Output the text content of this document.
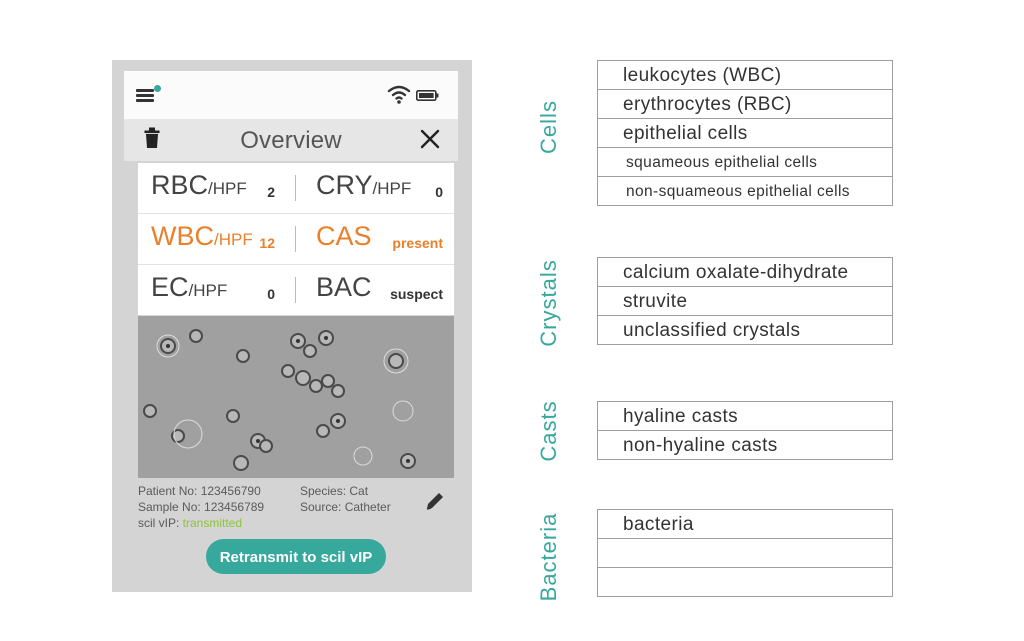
Overview
RBC/HPF 2 CRY/HPF 0
WBC/HPF 12 CAS present
EC/HPF	0 BAC suspect
Patient No: 123456790
Sample No: 123456789
scil vIP: transmitted
Species: Cat
Source: Catheter
Retransmit to scil vIP
Cells
leukocytes (WBC)
erythrocytes (RBC)
epithelial cells
squameous epithelial cells
non-squameous epithelial cells
Crystals	calcium oxalate-dihydrate
struvite
unclassified crystals
Casts	hyaline casts
non-hyaline casts
Bacteria	bacteria
